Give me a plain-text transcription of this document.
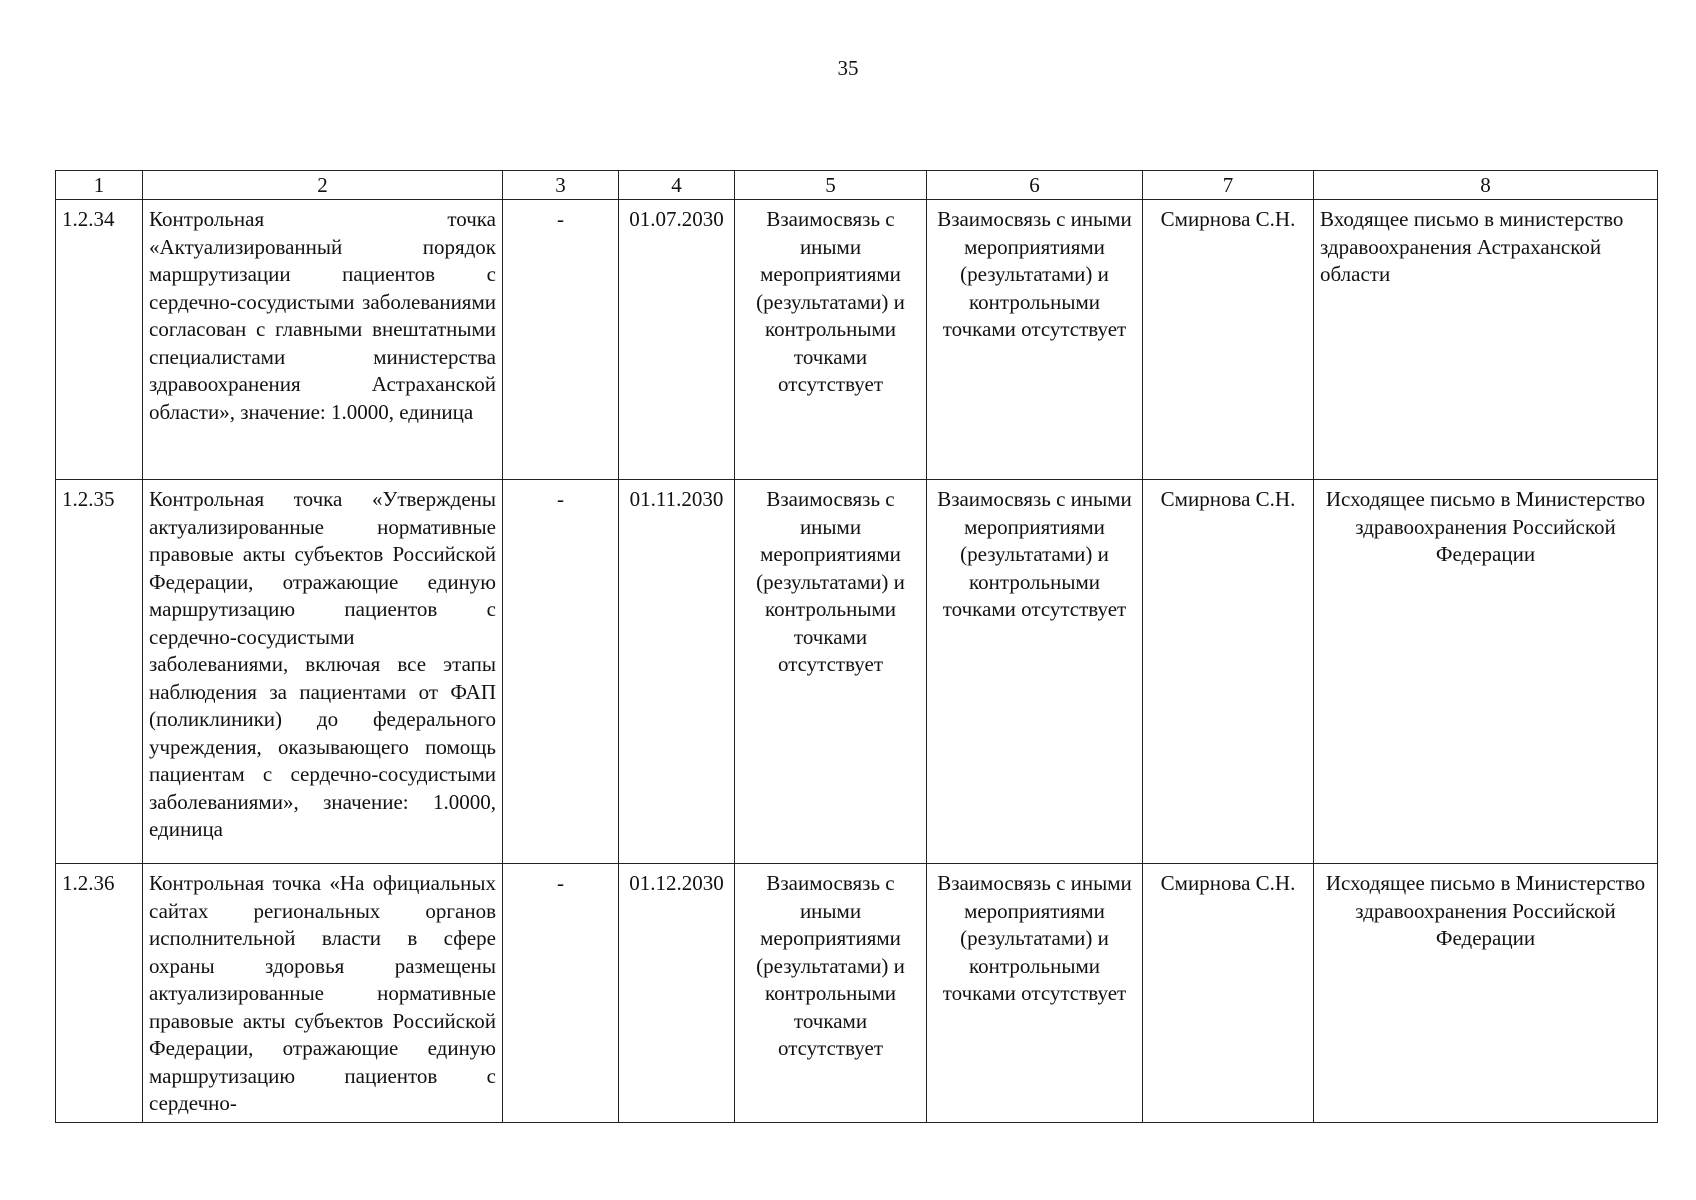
35
1	2	3	4	5	6	7	8
1.2.34	Контрольная точка «Актуализированный порядок маршрутизации пациентов с сердечно-сосудистыми заболеваниями согласован с главными внештатными специалистами министерства здравоохранения Астраханской области», значение: 1.0000, единица	-	01.07.2030	Взаимосвязь с иными мероприятиями (результатами) и контрольными точками отсутствует	Взаимосвязь с иными мероприятиями (результатами) и контрольными точками отсутствует	Смирнова С.Н.	Входящее письмо в министерство здравоохранения Астраханской области
1.2.35	Контрольная точка «Утверждены актуализированные нормативные правовые акты субъектов Российской Федерации, отражающие единую маршрутизацию пациентов с сердечно-сосудистыми заболеваниями, включая все этапы наблюдения за пациентами от ФАП (поликлиники) до федерального учреждения, оказывающего помощь пациентам с сердечно-сосудистыми заболеваниями», значение: 1.0000, единица	-	01.11.2030	Взаимосвязь с иными мероприятиями (результатами) и контрольными точками отсутствует	Взаимосвязь с иными мероприятиями (результатами) и контрольными точками отсутствует	Смирнова С.Н.	Исходящее письмо в Министерство здравоохранения Российской Федерации
1.2.36	Контрольная точка «На официальных сайтах региональных органов исполнительной власти в сфере охраны здоровья размещены актуализированные нормативные правовые акты субъектов Российской Федерации, отражающие единую маршрутизацию пациентов с сердечно-	-	01.12.2030	Взаимосвязь с иными мероприятиями (результатами) и контрольными точками отсутствует	Взаимосвязь с иными мероприятиями (результатами) и контрольными точками отсутствует	Смирнова С.Н.	Исходящее письмо в Министерство здравоохранения Российской Федерации
